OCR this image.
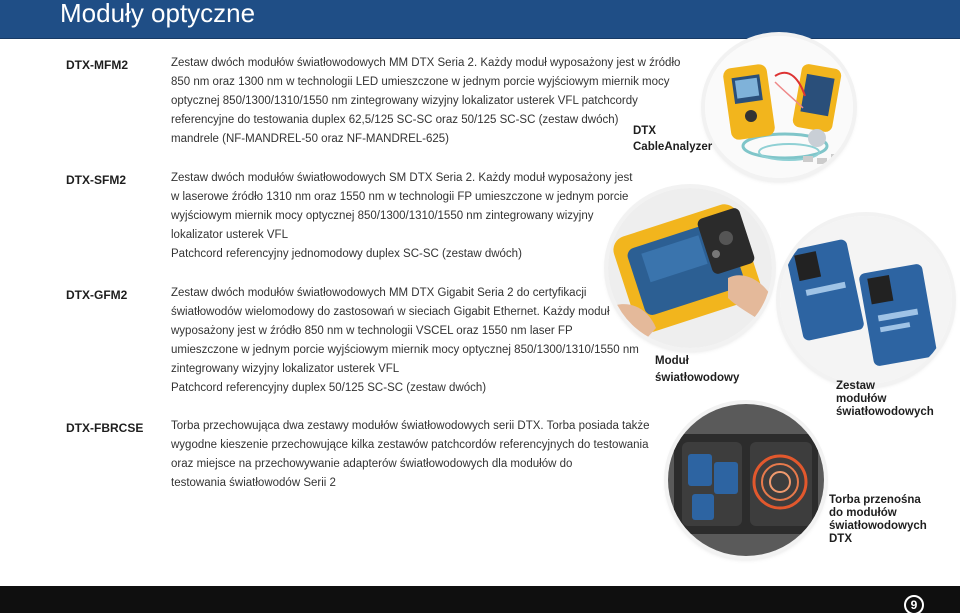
Moduły optyczne
DTX-MFM2	Zestaw dwóch modułów światłowodowych MM DTX Seria 2. Każdy moduł wyposażony jest w źródło
850 nm oraz 1300 nm w technologii LED umieszczone w jednym porcie wyjściowym miernik mocy
optycznej 850/1300/1310/1550 nm zintegrowany wizyjny lokalizator usterek VFL patchcordy
referencyjne do testowania duplex 62,5/125 SC-SC oraz 50/125 SC-SC (zestaw dwóch)
mandrele (NF-MANDREL-50 oraz NF-MANDREL-625)
DTX-SFM2	Zestaw dwóch modułów światłowodowych SM DTX Seria 2. Każdy moduł wyposażony jest
w laserowe źródło 1310 nm oraz 1550 nm w technologii FP umieszczone w jednym porcie
wyjściowym miernik mocy optycznej 850/1300/1310/1550 nm zintegrowany wizyjny
lokalizator usterek VFL
Patchcord referencyjny jednomodowy duplex SC-SC (zestaw dwóch)
DTX-GFM2	Zestaw dwóch modułów światłowodowych MM DTX Gigabit Seria 2 do certyfikacji
światłowodów wielomodowy do zastosowań w sieciach Gigabit Ethernet. Każdy moduł
wyposażony jest w źródło 850 nm w technologii VSCEL oraz 1550 nm laser FP
umieszczone w jednym porcie wyjściowym miernik mocy optycznej 850/1300/1310/1550 nm
zintegrowany wizyjny lokalizator usterek VFL
Patchcord referencyjny duplex 50/125 SC-SC (zestaw dwóch)
DTX-FBRCSE Torba przechowująca dwa zestawy modułów światłowodowych serii DTX. Torba posiada także
wygodne kieszenie przechowujące kilka zestawów patchcordów referencyjnych do testowania
oraz miejsce na przechowywanie adapterów światłowodowych dla modułów do
testowania światłowodów Serii 2
DTX
CableAnalyzer
Moduł
światłowodowy
Zestaw
modułów
światłowodowych
Torba przenośna
do modułów
światłowodowych
DTX
9
